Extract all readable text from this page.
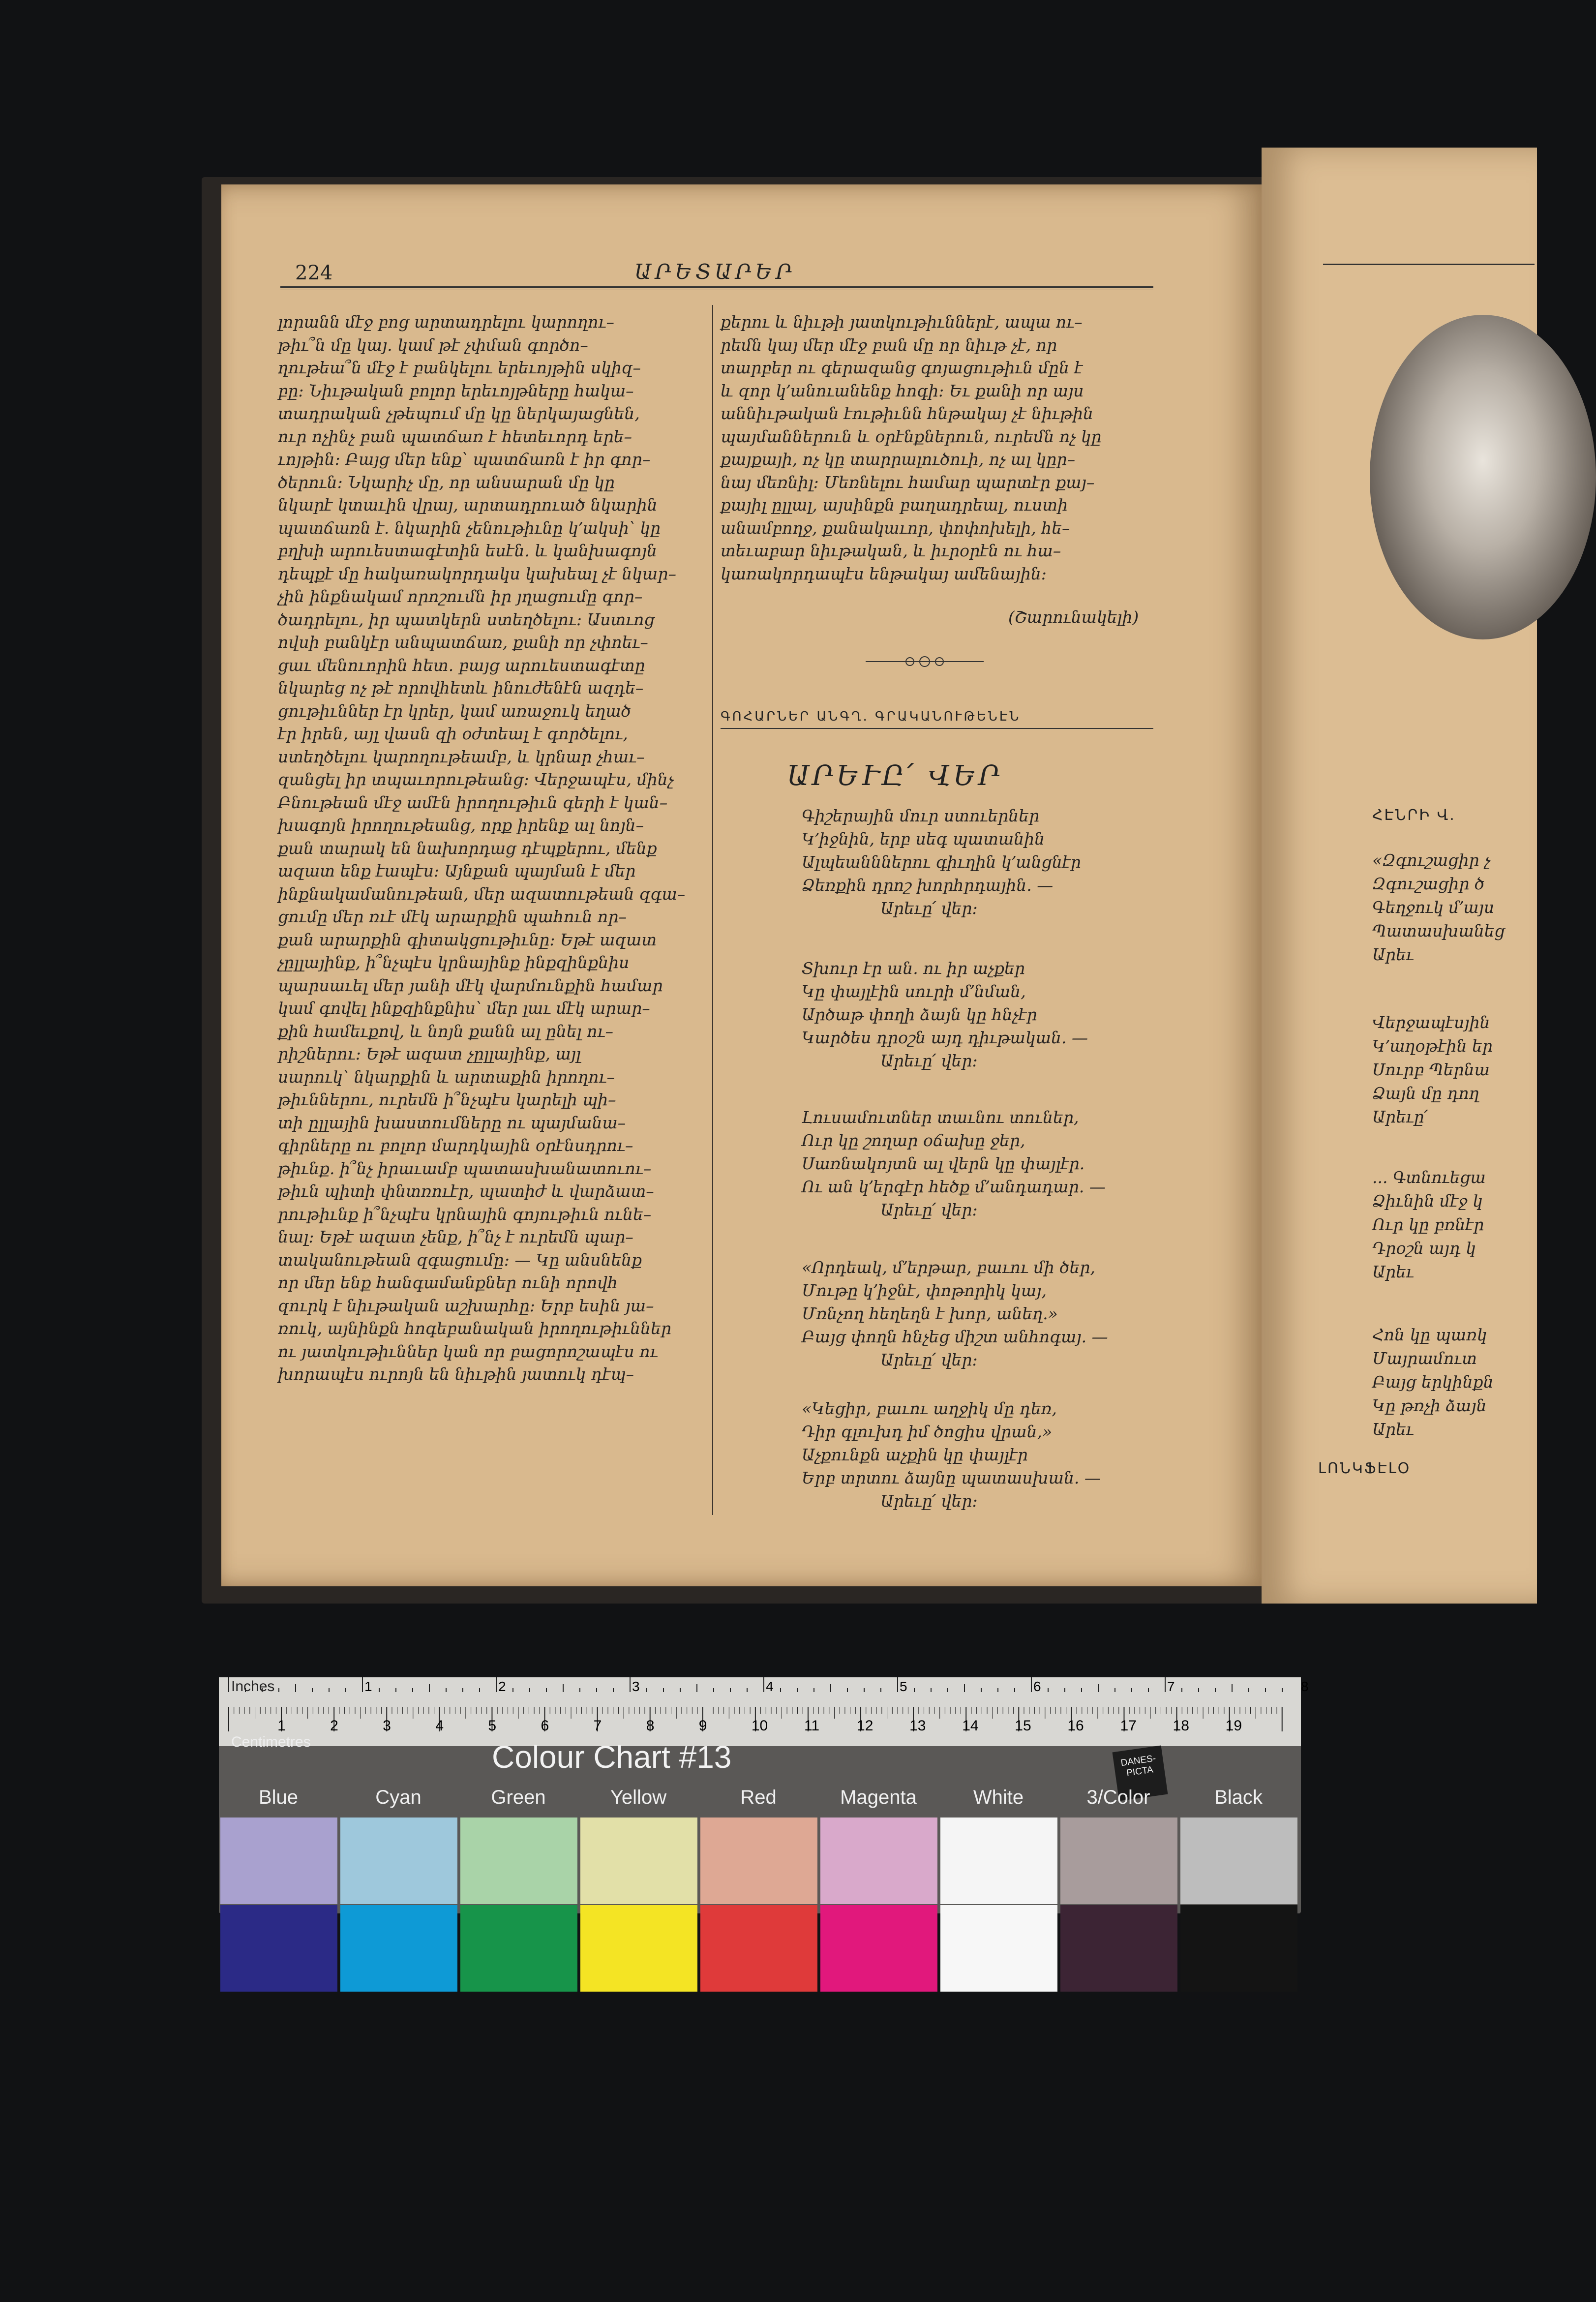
224	ԱՐԵՏԱՐԵՐ
լորանն մէջ բոց արտադրելու կարողու–
թիւ՞ն մը կայ. կամ թէ չփման գործո–
ղութեա՞ն մէջ է բանկելու երեւոյթին սկիզ–
բը։ Նիւթական բոլոր երեւոյթները հակա–
տադրական չթեպում մը կը ներկայացնեն,
ուր ոչինչ բան պատճառ է հետեւորդ երե–
ւոյթին։ Բայց մեր ենք՝ պատճառն է իր գոր–
ծերուն։ Նկարիչ մը, որ անսարան մը կը
նկարէ կտաւին վրայ, արտադրուած նկարին
պատճառն է. նկարին չենութիւնը կ՚ակսի՝ կը
բղխի արուեստագէտին եսէն. և կանխագոյն
դեպքէ մը հակառակորդակս կախեալ չէ նկար–
չին ինքնակամ որոշումն իր յղացումը գոր–
ծադրելու, իր պատկերն ստեղծելու։ Աստւոց
ովսի բանկէր անպատճառ, քանի որ չփոեւ–
ցաւ մենուորին հետ. բայց արուեստագէտը
նկարեց ոչ թէ որովհետև ինուժենէն ազդե–
ցութիւններ էր կրեր, կամ առաջուկ եղած
էր իրեն, այլ վասն զի օժտեալ է գործելու,
ստեղծելու կարողութեամբ, և կրնար չհաւ–
զանցել իր տպաւորութեանց։ Վերջապէս, մինչ
Բնութեան մէջ ամէն իրողութիւն գերի է կան–
խագոյն իրողութեանց, որք իրենք ալ նոյն–
քան տարակ են նախորդաց դէպքերու, մենք
ազատ ենք էապէս։ Այնքան պայման է մեր
ինքնակամանութեան, մեր ազատութեան զգա–
ցումը մեր ռւէ մէկ արարքին պահուն որ–
քան արարքին գիտակցութիւնը։ Եթէ ազատ
չըլլայինք, ի՞նչպէս կրնայինք ինքզինքնիս
պարսաւել մեր յանի մէկ վարմունքին համար
կամ գովել ինքզինքնիս՝ մեր լաւ մէկ արար–
քին համեւքով, և նոյն քանն ալ ընել ու–
րիշներու։ Եթէ ազատ չըլլայինք, այլ
սարուկ՝ նկարքին և արտաքին իրողու–
թիւններու, ուրեմն ի՞նչպէս կարելի պի–
տի ըլլային խաստումները ու պայմանա–
գիրները ու բոլոր մարդկային օրէնսդրու–
թիւնք. ի՞նչ իրաւամբ պատասխանատուու–
թիւն պիտի փնտռուէր, պատիժ և վարձատ–
րութիւնք ի՞նչպէս կրնային գոյութիւն ունե–
նալ։ Եթէ ազատ չենք, ի՞նչ է ուրեմն պար–
տականութեան զգացումը։ — Կը անսնենք
որ մեր ենք հանգամանքներ ունի որովհ
զուրկ է նիւթական աշխարհը։ Երբ եսին յա–
ռուկ, այնինքն հոգեբանական իրողութիւններ
ու յատկութիւններ կան որ բացորոշապէս ու
խորապէս ուրոյն են նիւթին յատուկ դէպ–
քերու և նիւթի յատկութիւններէ, ապա ու–
րեմն կայ մեր մէջ բան մը որ նիւթ չէ, որ
տարբեր ու գերազանց գոյացութիւն մըն է
և զոր կ՚անուանենք հոգի։ Եւ քանի որ այս
աննիւթական էութիւնն հնթակայ չէ նիւթին
պայմաններուն և օրէնքներուն, ուրեմն ոչ կը
քայքայի, ոչ կը տարրալուծուի, ոչ ալ կըր–
նայ մեռնիլ։ Մեռնելու համար պարտէր քայ–
քայիլ ըլլալ, այսինքն բաղադրեալ, ուստի
անամբողջ, քանակաւոր, փոփոխելի, հե–
տեւաբար նիւթական, և իւրօրէն ու հա–
կառակորդապէս ենթակայ ամենային։
(Շարունակելի)
ԳՈՀԱՐՆԵՐ ԱՆԳՂ. ԳՐԱԿԱՆՈՒԹԵՆԷՆ
ԱՐԵՒԸ՛ ՎԵՐ
Գիշերային մուր ստուերներ
Կ՚իջնին, երբ սեգ պատանին
Ալպեանններու գիւղին կ՚անցնէր
Ձեռքին դրոշ խորհրդային. —
Արեւը՛ վեր:
Տխուր էր ան. ու իր աչքեր
Կը փայլէին սուրի մ՚նման,
Արծաթ փողի ձայն կը հնչէր
Կարծես դրօշն այդ դիւթական. —
Արեւը՛ վեր:
Լուսամուտներ տաւնու տուներ,
Ուր կը շողար օճախը ջեր,
Սառնակոյտն ալ վերն կը փայլէր.
Ու ան կ՚երգէր հեծք մ՚անդադար. —
Արեւը՛ վեր:
«Որդեակ, մ՚երթար, բաւու մի ծեր,
Մութը կ՚իջնէ, փոթորիկ կայ,
Մռնչող հեղեղն է խոր, անեղ.»
Բայց փողն հնչեց միշտ անհոգայ. —
Արեւը՛ վեր:
«Կեցիր, բաւու աղջիկ մը դեռ,
Դիր գլուխդ իմ ծոցիս վրան,»
Աչքունքն աչքին կը փայլէր
Երբ տրտու ձայնը պատասխան. —
Արեւը՛ վեր:
ՀԷՆՐԻ Վ.
«Զգուշացիր չ
Զգուշացիր ծ
Գեղջուկ մ՚այս
Պատասխանեց
Արեւ
Վերջապէսյին
Կ՚աղօթէին եր
Սուրբ Պերնա
Ձայն մը դող
Արեւը՛
... Գտնուեցա
Ձիւնին մէջ կ
Ուր կը բռնէր
Դրօշն այդ կ
Արեւ
Հոն կը պառկ
Մայրամուտ
Բայց երկինքն
Կը թռչի ձայն
Արեւ
ԼՈՆԿՖԷԼՕ
1	2	3	4	5	6	7	8
1	2	3	4	5	6	7	8	9	10 11	12 13 14 15 16 17 18 19
Inches
Centimetres	Colour Chart #13	DANES-PICTA
Blue	Cyan	Green	Yellow	Red	Magenta	White	3/Color	Black
